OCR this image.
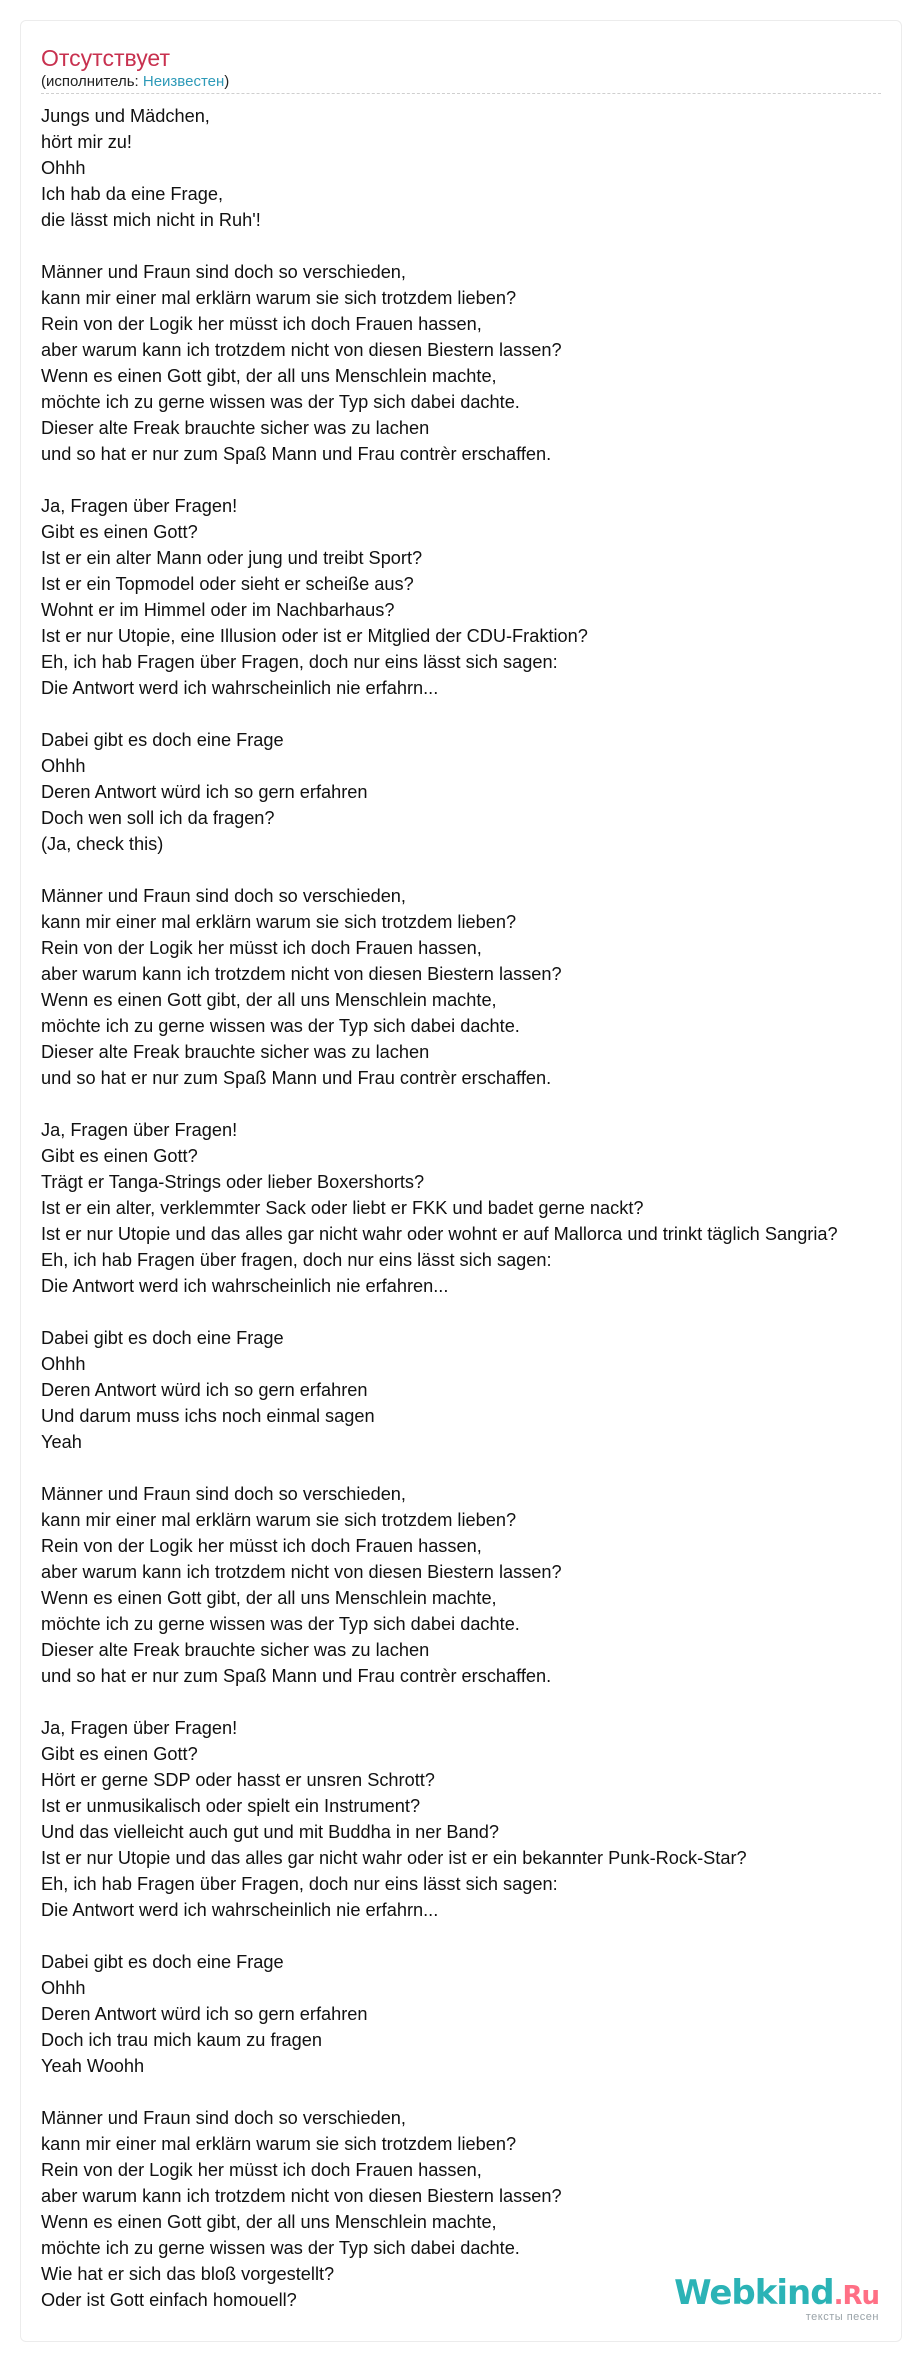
Отсутствует
(исполнитель: Неизвестен)
Jungs und Mädchen,
hört mir zu!
Ohhh
Ich hab da eine Frage,
die lässt mich nicht in Ruh'!
Männer und Fraun sind doch so verschieden,
kann mir einer mal erklärn warum sie sich trotzdem lieben?
Rein von der Logik her müsst ich doch Frauen hassen,
aber warum kann ich trotzdem nicht von diesen Biestern lassen?
Wenn es einen Gott gibt, der all uns Menschlein machte,
möchte ich zu gerne wissen was der Typ sich dabei dachte.
Dieser alte Freak brauchte sicher was zu lachen
und so hat er nur zum Spaß Mann und Frau contrèr erschaffen.
Ja, Fragen über Fragen!
Gibt es einen Gott?
Ist er ein alter Mann oder jung und treibt Sport?
Ist er ein Topmodel oder sieht er scheiße aus?
Wohnt er im Himmel oder im Nachbarhaus?
Ist er nur Utopie, eine Illusion oder ist er Mitglied der CDU-Fraktion?
Eh, ich hab Fragen über Fragen, doch nur eins lässt sich sagen:
Die Antwort werd ich wahrscheinlich nie erfahrn...
Dabei gibt es doch eine Frage
Ohhh
Deren Antwort würd ich so gern erfahren
Doch wen soll ich da fragen?
(Ja, check this)
Männer und Fraun sind doch so verschieden,
kann mir einer mal erklärn warum sie sich trotzdem lieben?
Rein von der Logik her müsst ich doch Frauen hassen,
aber warum kann ich trotzdem nicht von diesen Biestern lassen?
Wenn es einen Gott gibt, der all uns Menschlein machte,
möchte ich zu gerne wissen was der Typ sich dabei dachte.
Dieser alte Freak brauchte sicher was zu lachen
und so hat er nur zum Spaß Mann und Frau contrèr erschaffen.
Ja, Fragen über Fragen!
Gibt es einen Gott?
Trägt er Tanga-Strings oder lieber Boxershorts?
Ist er ein alter, verklemmter Sack oder liebt er FKK und badet gerne nackt?
Ist er nur Utopie und das alles gar nicht wahr oder wohnt er auf Mallorca und trinkt täglich Sangria?
Eh, ich hab Fragen über fragen, doch nur eins lässt sich sagen:
Die Antwort werd ich wahrscheinlich nie erfahren...
Dabei gibt es doch eine Frage
Ohhh
Deren Antwort würd ich so gern erfahren
Und darum muss ichs noch einmal sagen
Yeah
Männer und Fraun sind doch so verschieden,
kann mir einer mal erklärn warum sie sich trotzdem lieben?
Rein von der Logik her müsst ich doch Frauen hassen,
aber warum kann ich trotzdem nicht von diesen Biestern lassen?
Wenn es einen Gott gibt, der all uns Menschlein machte,
möchte ich zu gerne wissen was der Typ sich dabei dachte.
Dieser alte Freak brauchte sicher was zu lachen
und so hat er nur zum Spaß Mann und Frau contrèr erschaffen.
Ja, Fragen über Fragen!
Gibt es einen Gott?
Hört er gerne SDP oder hasst er unsren Schrott?
Ist er unmusikalisch oder spielt ein Instrument?
Und das vielleicht auch gut und mit Buddha in ner Band?
Ist er nur Utopie und das alles gar nicht wahr oder ist er ein bekannter Punk-Rock-Star?
Eh, ich hab Fragen über Fragen, doch nur eins lässt sich sagen:
Die Antwort werd ich wahrscheinlich nie erfahrn...
Dabei gibt es doch eine Frage
Ohhh
Deren Antwort würd ich so gern erfahren
Doch ich trau mich kaum zu fragen
Yeah Woohh
Männer und Fraun sind doch so verschieden,
kann mir einer mal erklärn warum sie sich trotzdem lieben?
Rein von der Logik her müsst ich doch Frauen hassen,
aber warum kann ich trotzdem nicht von diesen Biestern lassen?
Wenn es einen Gott gibt, der all uns Menschlein machte,
möchte ich zu gerne wissen was der Typ sich dabei dachte.
Wie hat er sich das bloß vorgestellt?
Oder ist Gott einfach homouell?	Webkind.Ru
тексты песен
